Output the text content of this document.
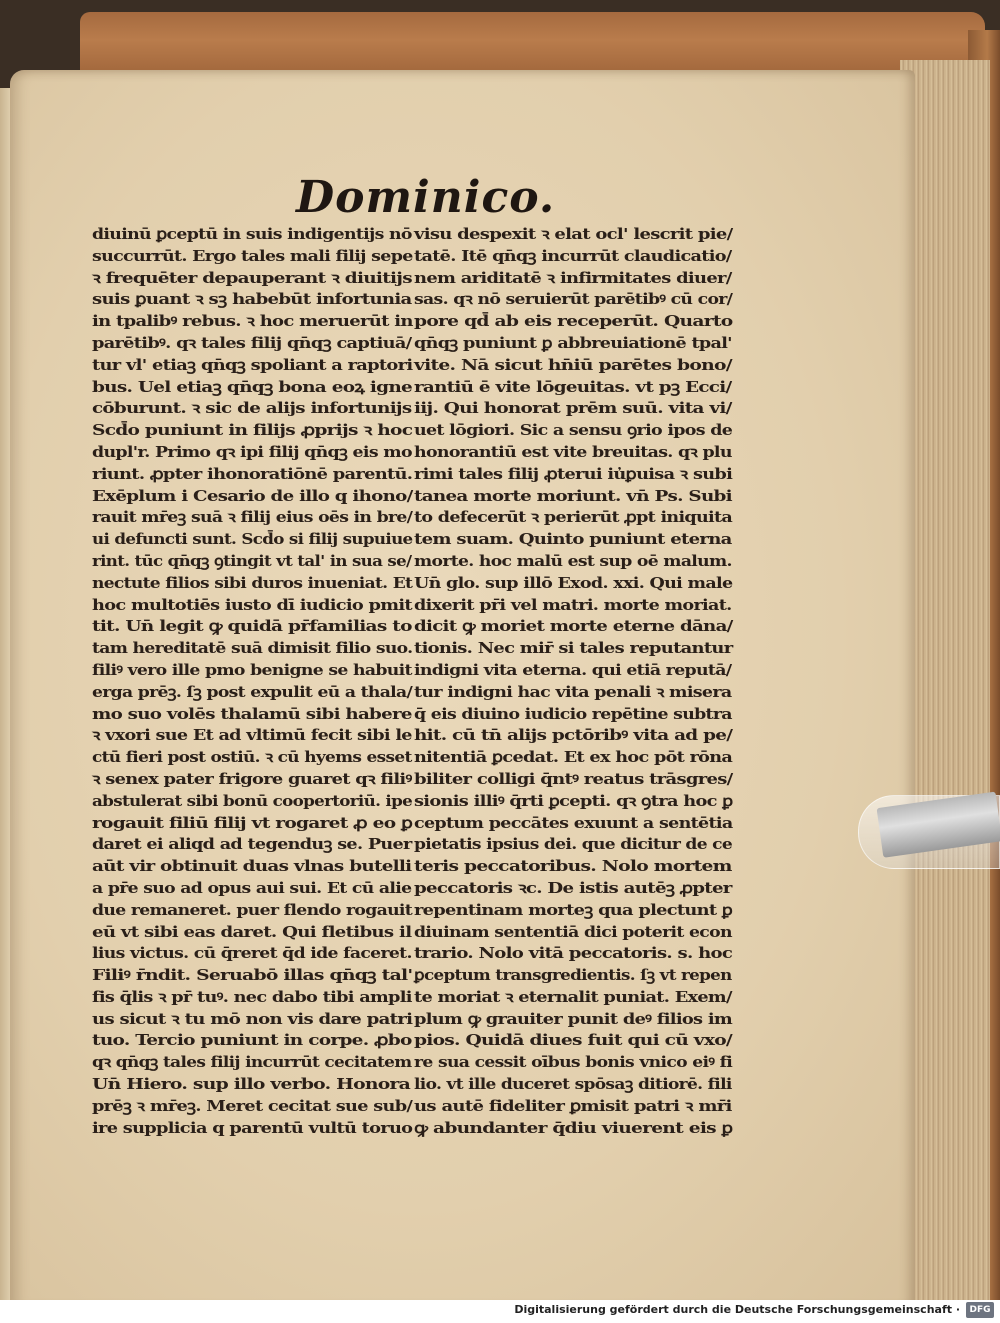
Dominico.
diuinū ꝑceptū in suis indigentijs nō
succurrūt. Ergo tales mali filij sepe
ꝛ frequēter depauperant ꝛ diuitijs
suis ꝑuant ꝛ sꝫ habebūt infortunia
in tpalibꝰ rebus. ꝛ hoc meruerūt in
parētibꝰ. qꝛ tales filij qn̄qꝫ captiuā/
tur vl' etiaꝫ qn̄qꝫ spoliant a raptori
bus. Uel etiaꝫ qn̄qꝫ bona eoꝝ igne
cōburunt. ꝛ sic de alijs infortunijs
Scd̄o puniunt in filijs ꝓprijs ꝛ hoc
dupl'r. Primo qꝛ ipi filij qn̄qꝫ eis mo
riunt. ꝓpter ihonoratiōnē parentū.
Exēplum i Cesario de illo q ihono/
rauit mr̄eꝫ suā ꝛ filij eius oēs in bre/
ui defuncti sunt. Scd̄o si filij supuiue
rint. tūc qn̄qꝫ ꝯtingit vt tal' in sua se/
nectute filios sibi duros inueniat. Et
hoc multotiēs iusto dī iudicio pmit
tit. Un̄ legit ꝙ quidā pr̄familias to
tam hereditatē suā dimisit filio suo.
filiꝰ vero ille pmo benigne se habuit
erga prēꝫ. ſꝫ post expulit eū a thala/
mo suo volēs thalamū sibi habere
ꝛ vxori sue Et ad vltimū fecit sibi le
ctū fieri post ostiū. ꝛ cū hyems esset
ꝛ senex pater frigore guaret qꝛ filiꝰ
abstulerat sibi bonū coopertoriū. ipe
rogauit filiū filij vt rogaret ꝓ eo ꝑ
daret ei aliqd ad tegenduꝫ se. Puer
aūt vir obtinuit duas vlnas butelli
a pr̄e suo ad opus aui sui. Et cū alie
due remaneret. puer flendo rogauit
eū vt sibi eas daret. Qui fletibus il
lius victus. cū q̄reret q̄d ide faceret.
Filiꝰ r̄ndit. Seruabō illas qn̄qꝫ tal'
fis q̄lis ꝛ pr̄ tuꝰ. nec dabo tibi ampli
us sicut ꝛ tu mō non vis dare patri
tuo. Tercio puniunt in corpe. ꝓbo
qꝛ qn̄qꝫ tales filij incurrūt cecitatem
Un̄ Hiero. sup illo verbo. Honora
prēꝫ ꝛ mr̄eꝫ. Meret cecitat sue sub/
ire supplicia q parentū vultū toruo
visu despexit ꝛ elat ocl' lescrit pie/
tatē. Itē qn̄qꝫ incurrūt claudicatio/
nem ariditatē ꝛ infirmitates diuer/
sas. qꝛ nō seruierūt parētibꝰ cū cor/
pore qd̄ ab eis receperūt. Quarto
qn̄qꝫ puniunt ꝑ abbreuiationē tpal'
vite. Nā sicut hn̄iū parētes bono/
rantiū ē vite lōgeuitas. vt pꝫ Ecci/
iij. Qui honorat prēm suū. vita vi/
uet lōgiori. Sic a sensu ꝯrio ipos de
honorantiū est vite breuitas. qꝛ plu
rimi tales filij ꝓterui iu̓ꝑuisa ꝛ subi
tanea morte moriunt. vn̄ Ps. Subi
to defecerūt ꝛ perierūt ꝓpt iniquita
tem suam. Quinto puniunt eterna
morte. hoc malū est sup oē malum.
Un̄ glo. sup illō Exod. xxi. Qui male
dixerit pr̄i vel matri. morte moriat.
dicit ꝙ moriet morte eterne dāna/
tionis. Nec mir̄ si tales reputantur
indigni vita eterna. qui etiā reputā/
tur indigni hac vita penali ꝛ misera
q̄ eis diuino iudicio repētine subtra
hit. cū tn̄ alijs pctōribꝰ vita ad pe/
nitentiā ꝑcedat. Et ex hoc pōt rōna
biliter colligi q̄ntꝰ reatus trāsgres/
sionis illiꝰ q̄rti ꝑcepti. qꝛ ꝯtra hoc ꝑ
ceptum peccātes exuunt a sentētia
pietatis ipsius dei. que dicitur de ce
teris peccatoribus. Nolo mortem
peccatoris ꝛc. De istis autēꝫ ꝓpter
repentinam morteꝫ qua plectunt ꝑ
diuinam sententiā dici poterit econ
trario. Nolo vitā peccatoris. s. hoc
ꝑceptum transgredientis. ſꝫ vt repen
te moriat ꝛ eternalit puniat. Exem/
plum ꝙ grauiter punit deꝰ filios im
pios. Quidā diues fuit qui cū vxo/
re sua cessit oībus bonis vnico eiꝰ fi
lio. vt ille duceret spōsaꝫ ditiorē. fili
us autē fideliter ꝑmisit patri ꝛ mr̄i
ꝙ abundanter q̄diu viuerent eis ꝑ
Digitalisierung gefördert durch die Deutsche Forschungsgemeinschaft ·	DFG
